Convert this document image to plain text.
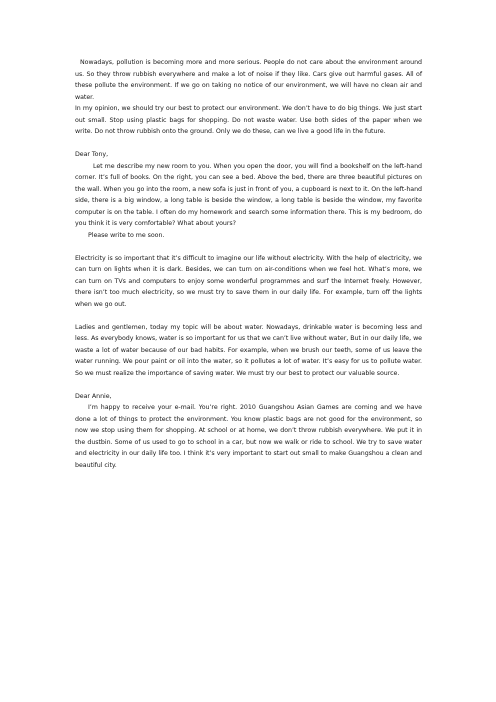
Nowadays, pollution is becoming more and more serious. People do not care about the environment around us. So they throw rubbish everywhere and make a lot of noise if they like. Cars give out harmful gases. All of these pollute the environment. If we go on taking no notice of our environment, we will have no clean air and water.

In my opinion, we should try our best to protect our environment. We don’t have to do big things. We just start out small. Stop using plastic bags for shopping. Do not waste water. Use both sides of the paper when we write. Do not throw rubbish onto the ground. Only we do these, can we live a good life in the future.

Dear Tony,

Let me describe my new room to you. When you open the door, you will find a bookshelf on the left-hand corner. It’s full of books. On the right, you can see a bed. Above the bed, there are three beautiful pictures on the wall. When you go into the room, a new sofa is just in front of you, a cupboard is next to it. On the left-hand side, there is a big window, a long table is beside the window, a long table is beside the window, my favorite computer is on the table. I often do my homework and search some information there. This is my bedroom, do you think it is very comfortable? What about yours?

Please write to me soon.

Electricity is so important that it’s difficult to imagine our life without electricity. With the help of electricity, we can turn on lights when it is dark. Besides, we can turn on air-conditions when we feel hot. What’s more, we can turn on TVs and computers to enjoy some wonderful programmes and surf the Internet freely. However, there isn’t too much electricity, so we must try to save them in our daily life. For example, turn off the lights when we go out.

Ladies and gentlemen, today my topic will be about water. Nowadays, drinkable water is becoming less and less. As everybody knows, water is so important for us that we can’t live without water, But in our daily life, we waste a lot of water because of our bad habits. For example, when we brush our teeth, some of us leave the water running. We pour paint or oil into the water, so it pollutes a lot of water. It’s easy for us to pollute water. So we must realize the importance of saving water. We must try our best to protect our valuable source.

Dear Annie,

I’m happy to receive your e-mail. You’re right. 2010 Guangshou Asian Games are coming and we have done a lot of things to protect the environment. You know plastic bags are not good for the environment, so now we stop using them for shopping. At school or at home, we don’t throw rubbish everywhere. We put it in the dustbin. Some of us used to go to school in a car, but now we walk or ride to school. We try to save water and electricity in our daily life too. I think it’s very important to start out small to make Guangshou a clean and beautiful city.
